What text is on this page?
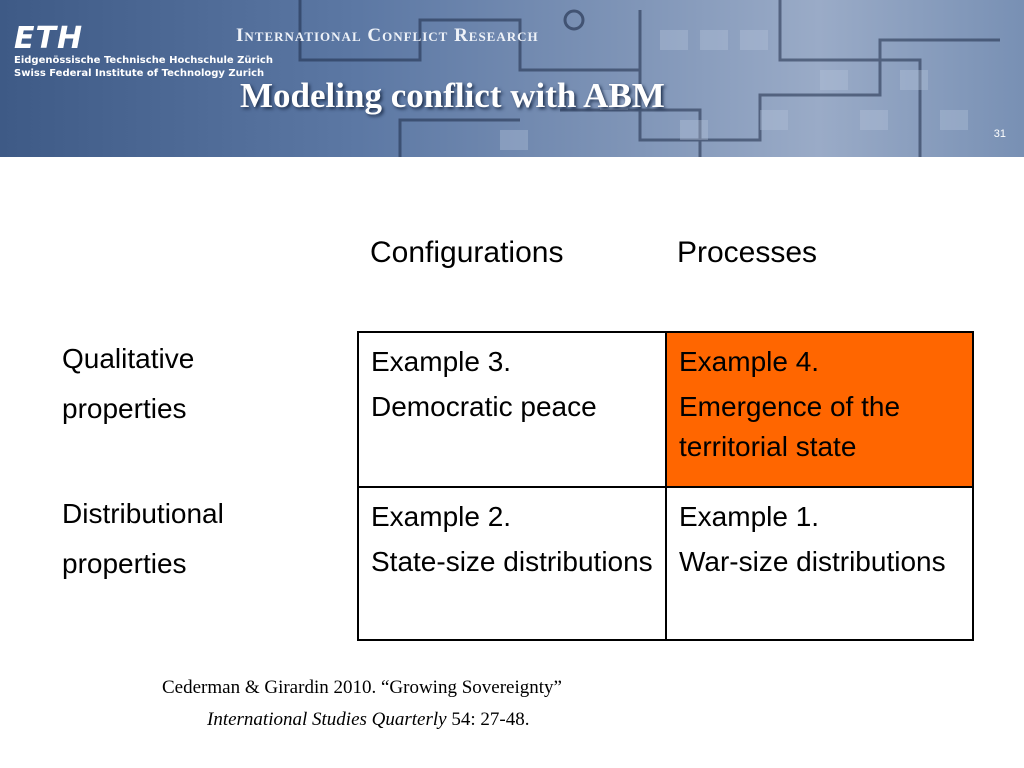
ETH
Eidgenössische Technische Hochschule Zürich
Swiss Federal Institute of Technology Zurich
International Conflict Research
Modeling conflict with ABM
31
Configurations	Processes
Qualitative
properties
Distributional
properties
Example 3.
Democratic peace
Example 4.
Emergence of the territorial state
Example 2.
State-size distributions
Example 1.
War-size distributions
Cederman & Girardin 2010. “Growing Sovereignty”
International Studies Quarterly 54: 27-48.
